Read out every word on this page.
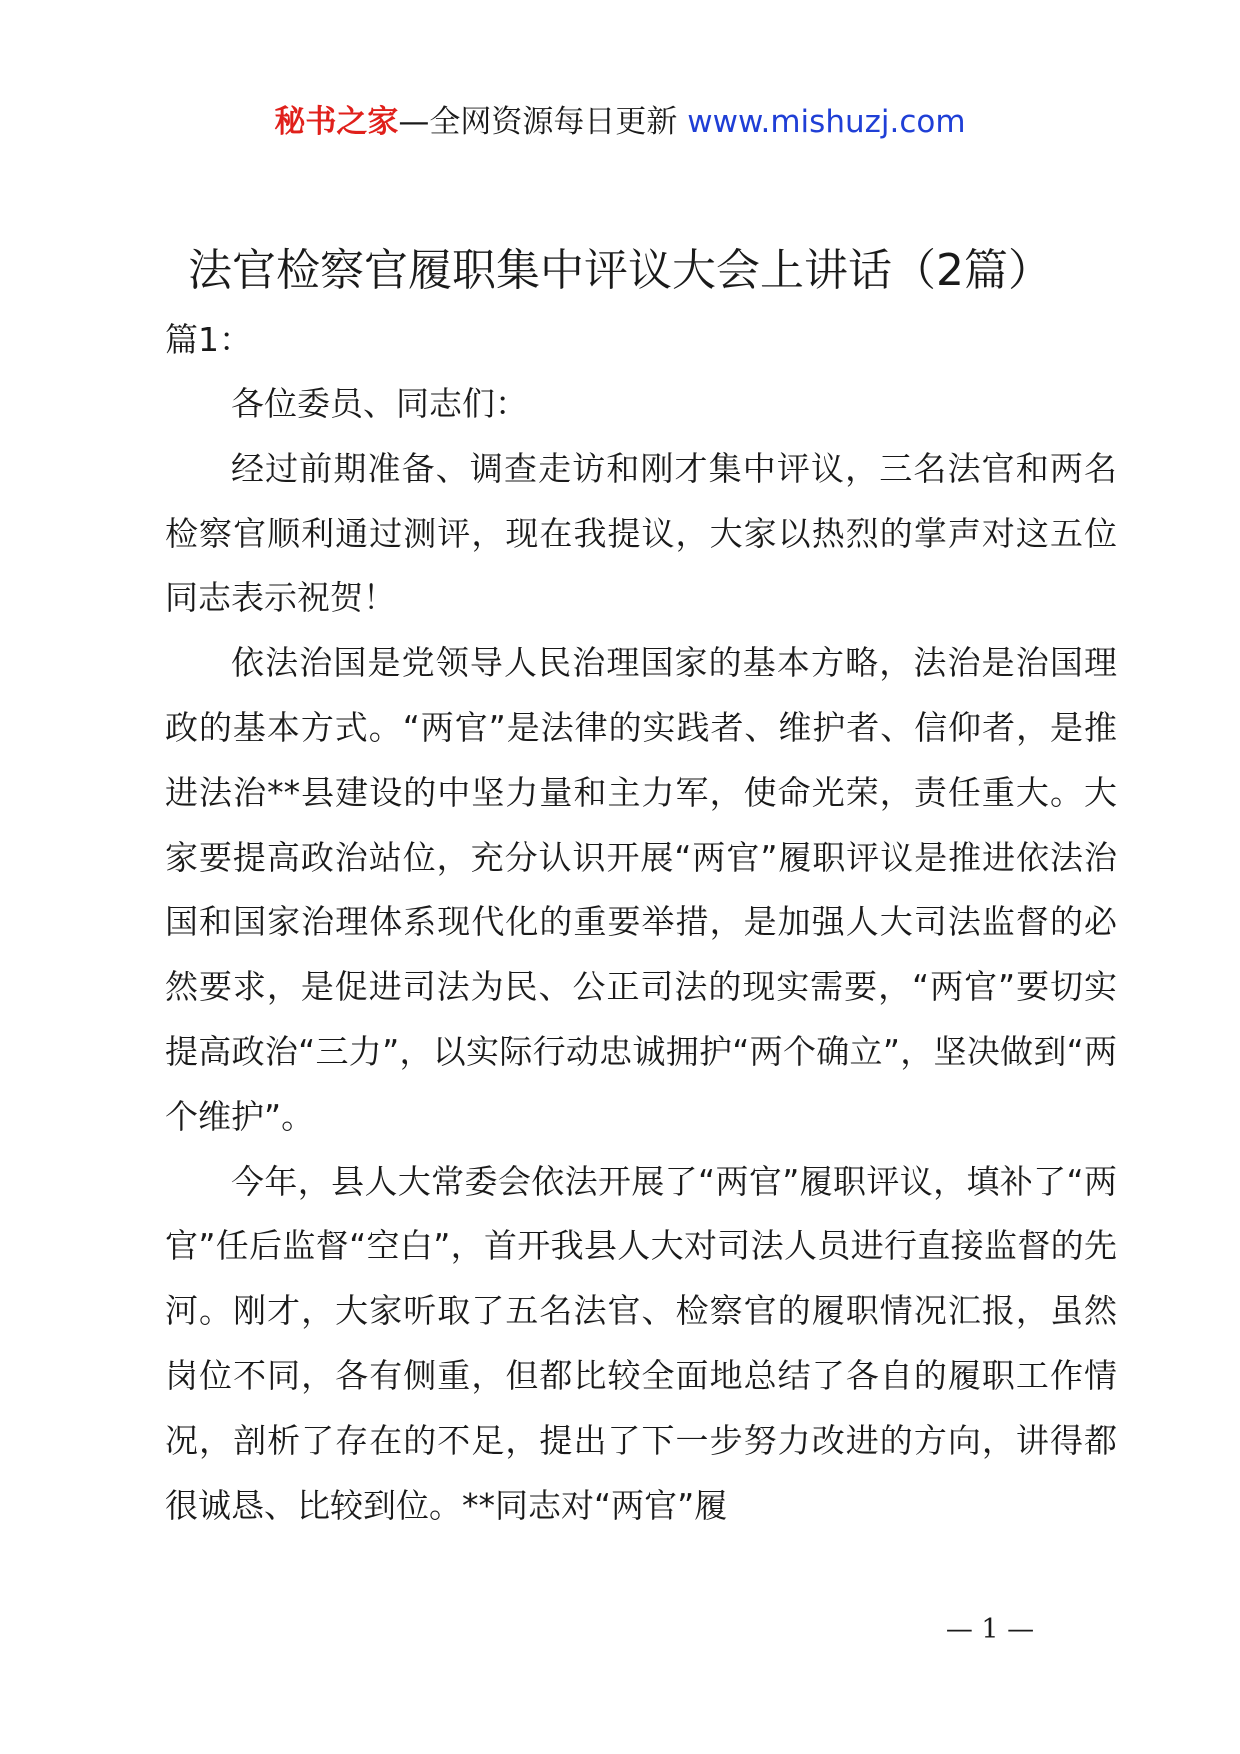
秘书之家—全网资源每日更新 www.mishuzj.com
法官检察官履职集中评议大会上讲话（2篇）

篇1：

各位委员、同志们：

经过前期准备、调查走访和刚才集中评议，三名法官和两名检察官顺利通过测评，现在我提议，大家以热烈的掌声对这五位同志表示祝贺！

依法治国是党领导人民治理国家的基本方略，法治是治国理政的基本方式。“两官”是法律的实践者、维护者、信仰者，是推进法治**县建设的中坚力量和主力军，使命光荣，责任重大。大家要提高政治站位，充分认识开展“两官”履职评议是推进依法治国和国家治理体系现代化的重要举措，是加强人大司法监督的必然要求，是促进司法为民、公正司法的现实需要，“两官”要切实提高政治“三力”，以实际行动忠诚拥护“两个确立”，坚决做到“两个维护”。

今年，县人大常委会依法开展了“两官”履职评议，填补了“两官”任后监督“空白”，首开我县人大对司法人员进行直接监督的先河。刚才，大家听取了五名法官、检察官的履职情况汇报，虽然岗位不同，各有侧重，但都比较全面地总结了各自的履职工作情况，剖析了存在的不足，提出了下一步努力改进的方向，讲得都很诚恳、比较到位。**同志对“两官”履

— 1 —
